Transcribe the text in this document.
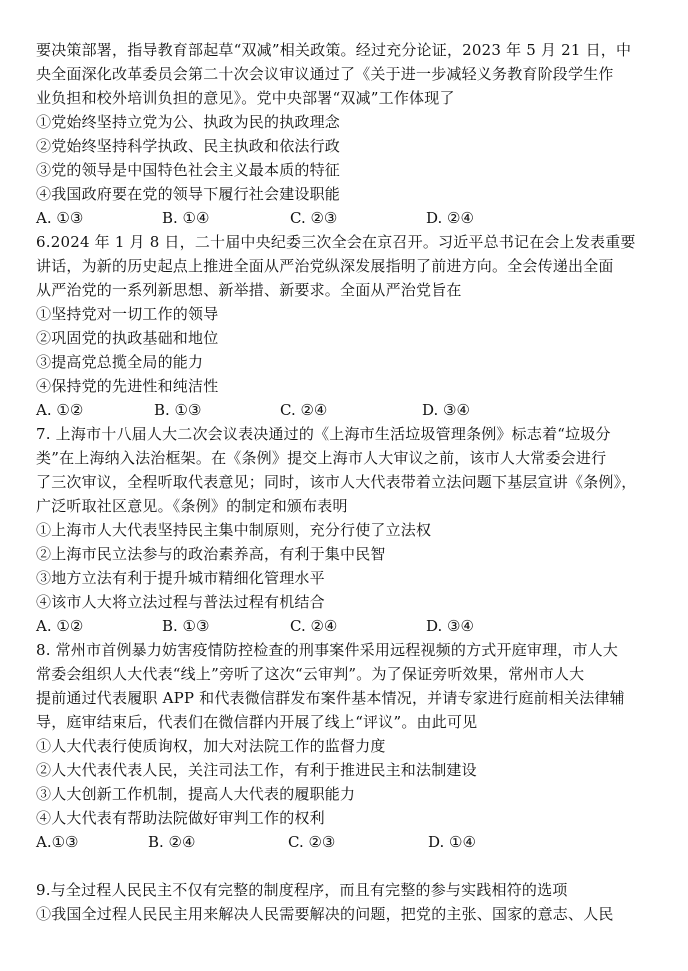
要决策部署，指导教育部起草“双减”相关政策。经过充分论证，2023 年 5 月 21 日，中
央全面深化改革委员会第二十次会议审议通过了《关于进一步减轻义务教育阶段学生作
业负担和校外培训负担的意见》。党中央部署“双减”工作体现了
①党始终坚持立党为公、执政为民的执政理念
②党始终坚持科学执政、民主执政和依法行政
③党的领导是中国特色社会主义最本质的特征
④我国政府要在党的领导下履行社会建设职能
A. ①③	B. ①④	C. ②③	D. ②④
6.2024 年 1 月 8 日，二十届中央纪委三次全会在京召开。习近平总书记在会上发表重要
讲话，为新的历史起点上推进全面从严治党纵深发展指明了前进方向。全会传递出全面
从严治党的一系列新思想、新举措、新要求。全面从严治党旨在
①坚持党对一切工作的领导
②巩固党的执政基础和地位
③提高党总揽全局的能力
④保持党的先进性和纯洁性
A. ①②	B. ①③	C. ②④	D. ③④
7. 上海市十八届人大二次会议表决通过的《上海市生活垃圾管理条例》标志着“垃圾分
类”在上海纳入法治框架。在《条例》提交上海市人大审议之前，该市人大常委会进行
了三次审议，全程听取代表意见；同时，该市人大代表带着立法问题下基层宣讲《条例》，
广泛听取社区意见。《条例》的制定和颁布表明
①上海市人大代表坚持民主集中制原则，充分行使了立法权
②上海市民立法参与的政治素养高，有利于集中民智
③地方立法有利于提升城市精细化管理水平
④该市人大将立法过程与普法过程有机结合
A. ①②	B. ①③	C. ②④	D. ③④
8. 常州市首例暴力妨害疫情防控检查的刑事案件采用远程视频的方式开庭审理，市人大
常委会组织人大代表“线上”旁听了这次“云审判”。为了保证旁听效果，常州市人大
提前通过代表履职 APP 和代表微信群发布案件基本情况，并请专家进行庭前相关法律辅
导，庭审结束后，代表们在微信群内开展了线上“评议”。由此可见
①人大代表行使质询权，加大对法院工作的监督力度
②人大代表代表人民，关注司法工作，有利于推进民主和法制建设
③人大创新工作机制，提高人大代表的履职能力
④人大代表有帮助法院做好审判工作的权利
A.①③	B. ②④	C. ②③	D. ①④
9.与全过程人民民主不仅有完整的制度程序，而且有完整的参与实践相符的选项
①我国全过程人民民主用来解决人民需要解决的问题，把党的主张、国家的意志、人民
